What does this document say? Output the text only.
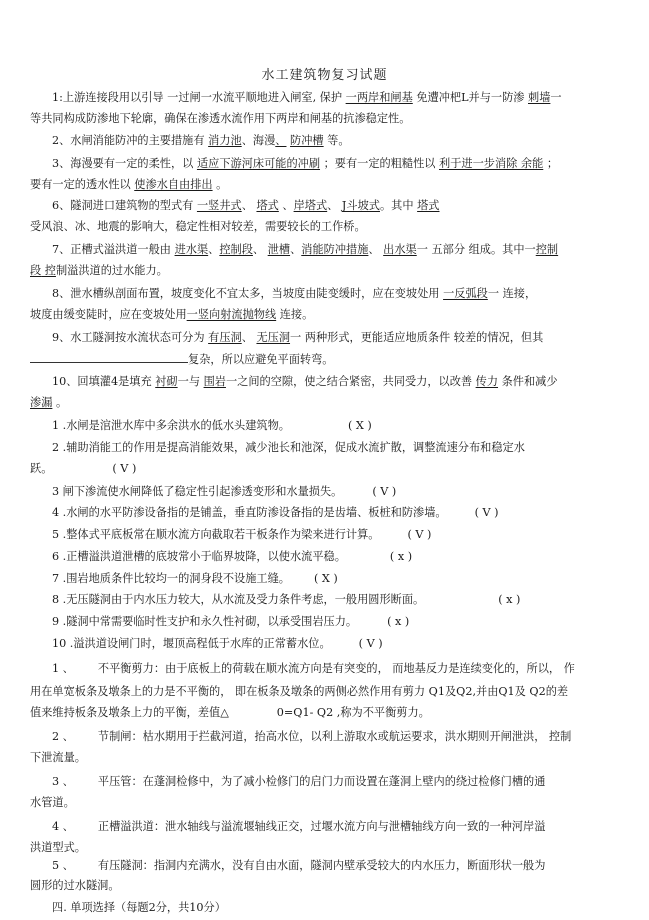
水工建筑物复习试题
1:上游连接段用以引导 一过闸一水流平顺地进入闸室, 保护 一两岸和闸基 免遭冲杷L并与一防渗 刺墙一
等共同构成防渗地下轮廓，确保在渗透水流作用下两岸和闸基的抗渗稳定性。
2、水闸消能防冲的主要措施有 消力池、海漫、 防冲槽 等。
3、海漫要有一定的柔性，以 适应下游河床可能的冲刷 ；要有一定的粗糙性以 利于进一步消除 余能 ；
要有一定的透水性以 使渗水自由排出 。
6、隧洞进口建筑物的型式有 一竖井式、 塔式 、岸塔式、 J斗坡式。其中 塔式
受风浪、冰、地震的影响大，稳定性相对较差，需要较长的工作桥。
7、正槽式溢洪道一般由 进水渠、控制段、 泄槽、消能防冲措施、 出水渠一 五部分 组成。其中一控制
段 控制溢洪道的过水能力。
8、泄水槽纵剖面布置，坡度变化不宜太多，当坡度由陡变缓时，应在变坡处用 一反弧段一 连接，
坡度由缓变陡时，应在变坡处用一竖向射流抛物线 连接。
9、水工隧洞按水流状态可分为 有压洞、 无压洞一 两种形式，更能适应地质条件 较差的情况，但其
复杂，所以应避免平面转弯。
10、回填灌4是填充 衬砌一与 围岩一之间的空隙，使之结合紧密，共同受力，以改善 传力 条件和减少
渗漏 。
1 .水闸是涫泄水库中多余洪水的低水头建筑物。	( X )
2 .辅助消能工的作用是提高消能效果，减少池长和池深，促成水流扩散，调整流速分布和稳定水
跃。	( V )
3 闸下渗流使水闸降低了稳定性引起渗透变形和水量损失。	( V )
4 .水闸的水平防渗设备指的是铺盖，垂直防渗设备指的是齿墙、板桩和防渗墙。	( V )
5 .整体式平底板常在顺水流方向截取若干板条作为梁来进行计算。	( V )
6 .正槽溢洪道泄槽的底坡常小于临界坡降，以使水流平稳。	( x )
7 .围岩地质条件比较均一的洞身段不设施工缝。 ( X )
8 .无压隧洞由于内水压力较大，从水流及受力条件考虑，一般用圆形断面。	( x )
9 .隧洞中常需要临时性支护和永久性衬砌，以承受围岩压力。	( x )
10 .溢洪道设闸门时，堰顶高程低于水库的正常蓄水位。	( V )
1 、 不平衡剪力：由于底板上的荷载在顺水流方向是有突变的， 而地基反力是连续变化的，所以， 作
用在单宽板条及墩条上的力是不平衡的， 即在板条及墩条的两侧必然作用有剪力 Q1及Q2,并由Q1及 Q2的差
值来维持板条及墩条上力的平衡，差值△	0=Q1- Q2 ,称为不平衡剪力。
2 、 节制闸：枯水期用于拦截河道，抬高水位，以利上游取水或航运要求，洪水期则开闸泄洪， 控制
下泄流量。
3 、 平压管：在蓬洞检修中，为了减小检修门的启门力而设置在蓬洞上壁内的绕过检修门槽的通
水管道。
4 、 正槽溢洪道：泄水轴线与溢流堰轴线正交，过堰水流方向与泄槽轴线方向一致的一种河岸溢
洪道型式。
5 、 有压隧洞：指洞内充满水，没有自由水面，隧洞内壁承受较大的内水压力，断面形状一般为
圆形的过水隧洞。
四. 单项选择（每题2分，共10分）
